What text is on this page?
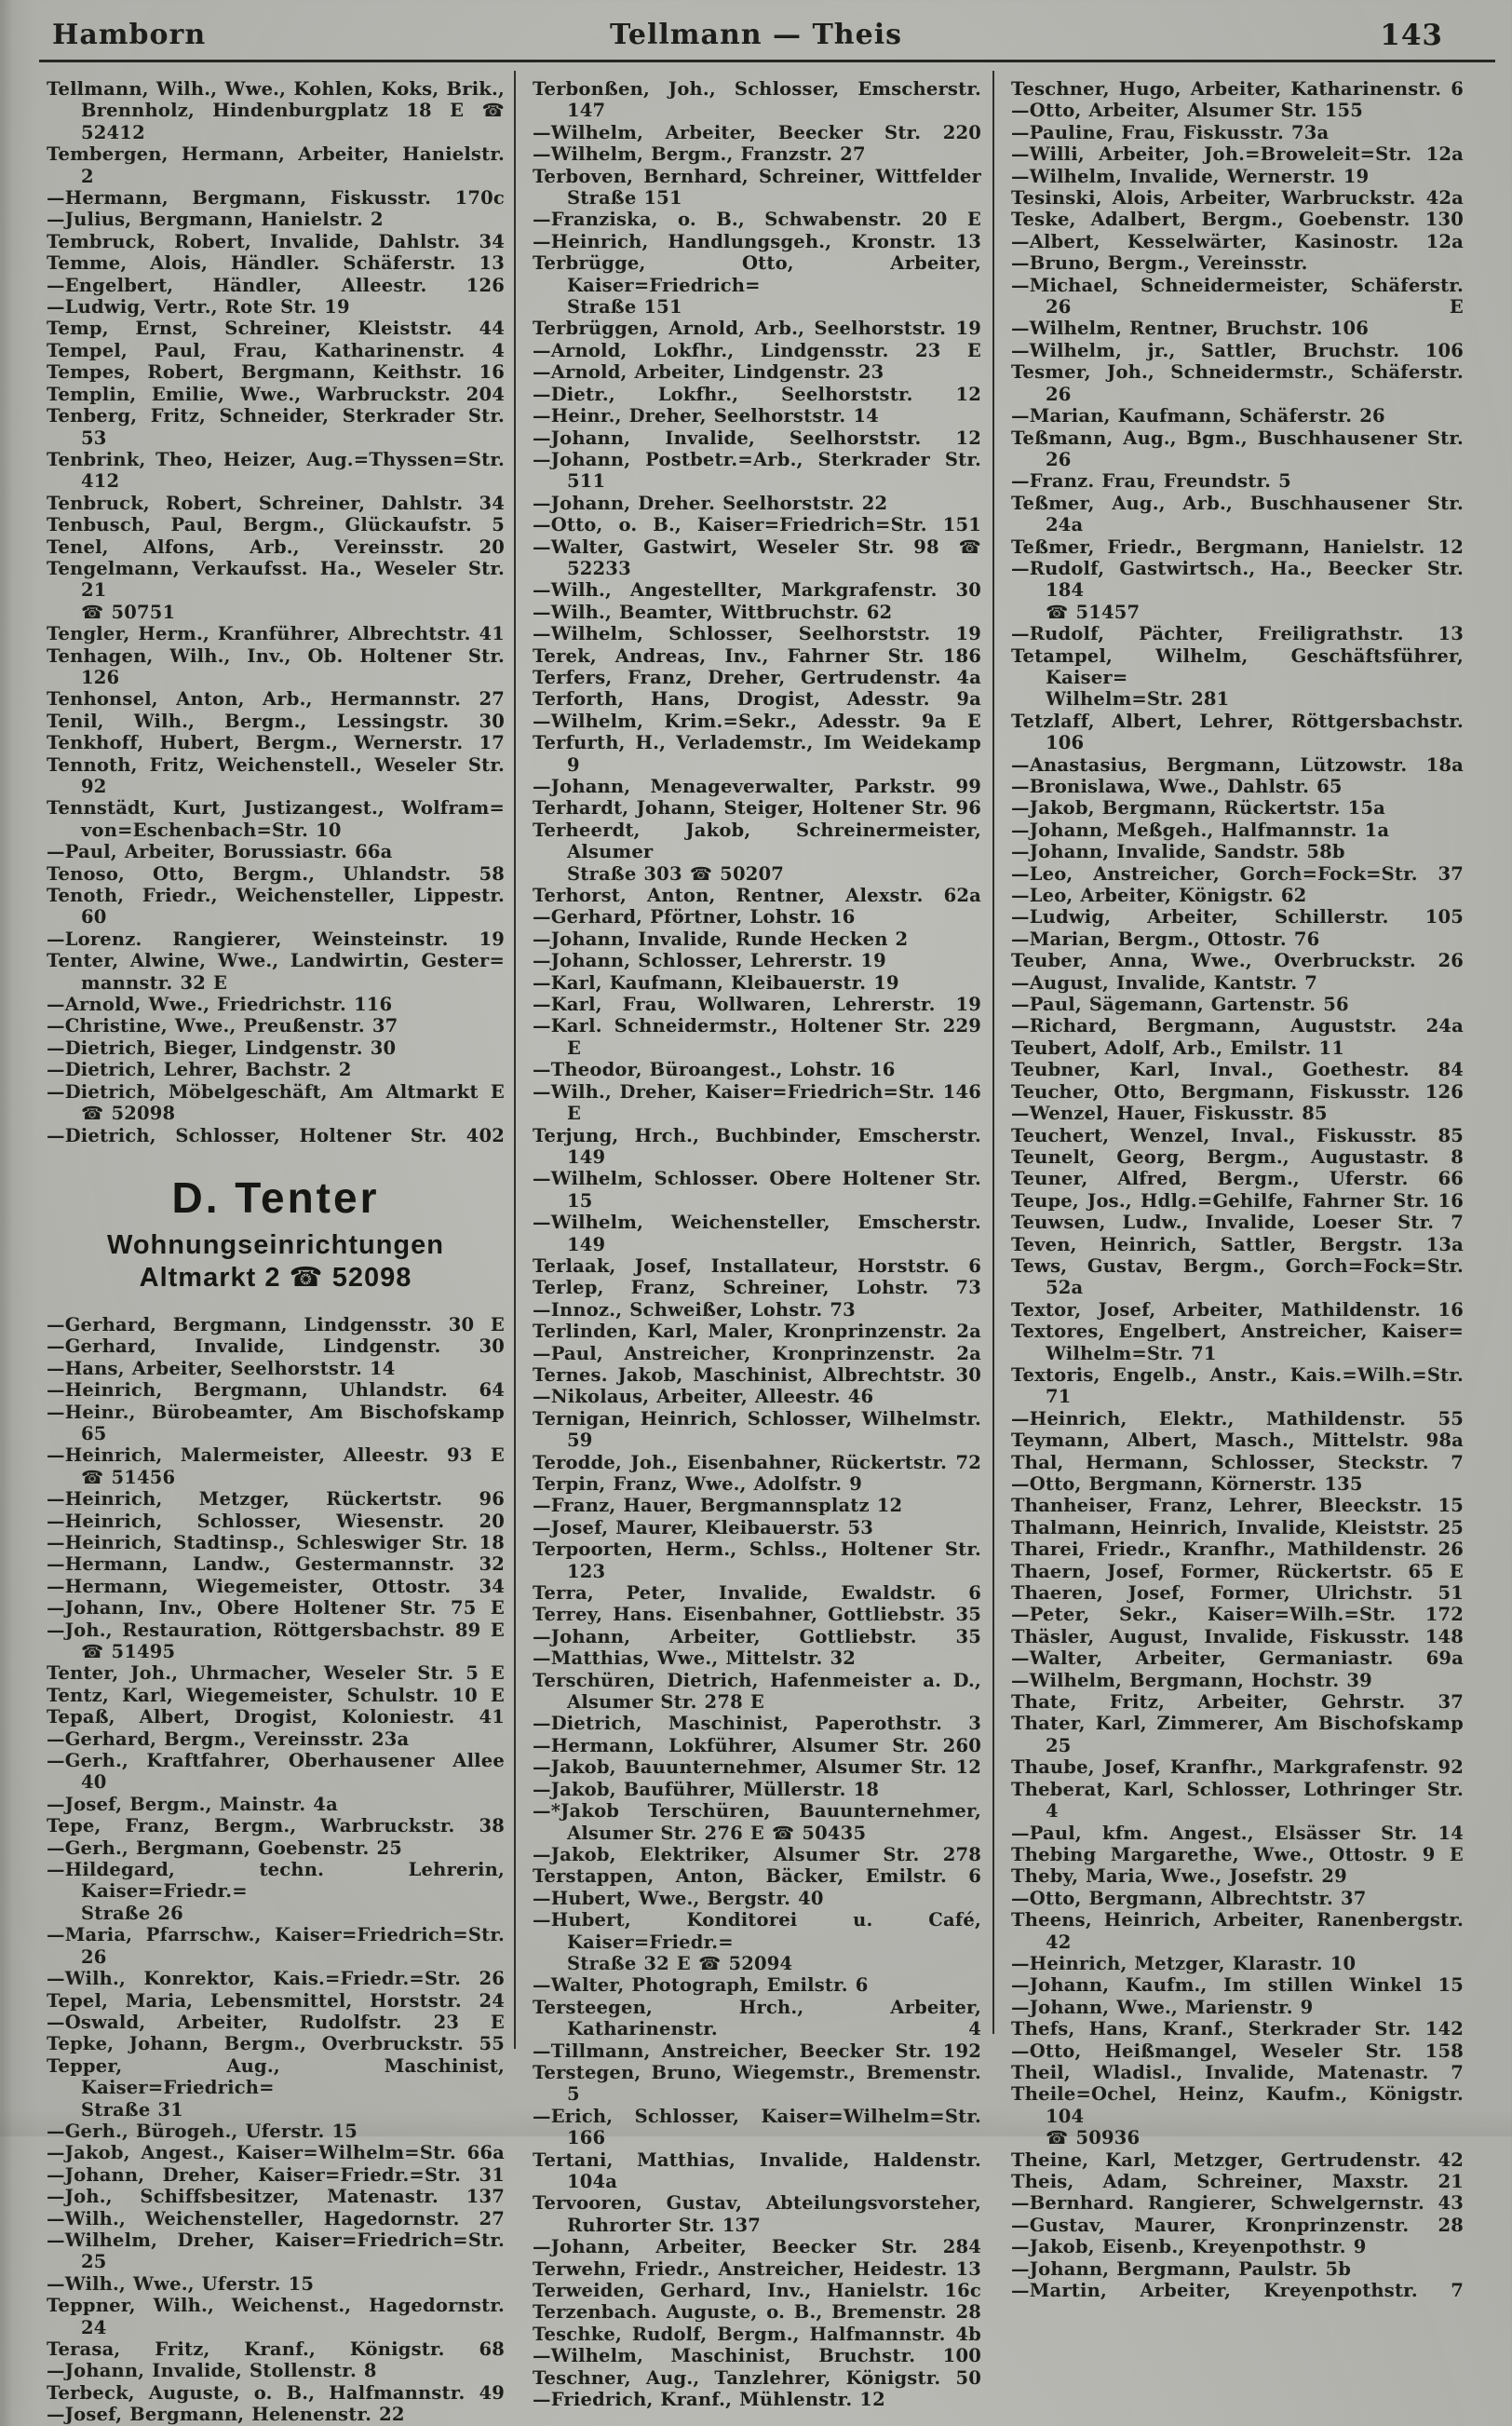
Hamborn	Tellmann — Theis	143
Tellmann, Wilh., Wwe., Kohlen, Koks, Brik.,
Brennholz, Hindenburgplatz 18 E ☎ 52412
Tembergen, Hermann, Arbeiter, Hanielstr. 2
—Hermann, Bergmann, Fiskusstr. 170c
—Julius, Bergmann, Hanielstr. 2
Tembruck, Robert, Invalide, Dahlstr. 34
Temme, Alois, Händler. Schäferstr. 13
—Engelbert, Händler, Alleestr. 126
—Ludwig, Vertr., Rote Str. 19
Temp, Ernst, Schreiner, Kleiststr. 44
Tempel, Paul, Frau, Katharinenstr. 4
Tempes, Robert, Bergmann, Keithstr. 16
Templin, Emilie, Wwe., Warbruckstr. 204
Tenberg, Fritz, Schneider, Sterkrader Str. 53
Tenbrink, Theo, Heizer, Aug.=Thyssen=Str. 412
Tenbruck, Robert, Schreiner, Dahlstr. 34
Tenbusch, Paul, Bergm., Glückaufstr. 5
Tenel, Alfons, Arb., Vereinsstr. 20
Tengelmann, Verkaufsst. Ha., Weseler Str. 21
☎ 50751
Tengler, Herm., Kranführer, Albrechtstr. 41
Tenhagen, Wilh., Inv., Ob. Holtener Str. 126
Tenhonsel, Anton, Arb., Hermannstr. 27
Tenil, Wilh., Bergm., Lessingstr. 30
Tenkhoff, Hubert, Bergm., Wernerstr. 17
Tennoth, Fritz, Weichenstell., Weseler Str. 92
Tennstädt, Kurt, Justizangest., Wolfram=
von=Eschenbach=Str. 10
—Paul, Arbeiter, Borussiastr. 66a
Tenoso, Otto, Bergm., Uhlandstr. 58
Tenoth, Friedr., Weichensteller, Lippestr. 60
—Lorenz. Rangierer, Weinsteinstr. 19
Tenter, Alwine, Wwe., Landwirtin, Gester=
mannstr. 32 E
—Arnold, Wwe., Friedrichstr. 116
—Christine, Wwe., Preußenstr. 37
—Dietrich, Bieger, Lindgenstr. 30
—Dietrich, Lehrer, Bachstr. 2
—Dietrich, Möbelgeschäft, Am Altmarkt E
☎ 52098
—Dietrich, Schlosser, Holtener Str. 402
D. Tenter
Wohnungseinrichtungen
Altmarkt 2 ☎ 52098
—Gerhard, Bergmann, Lindgensstr. 30 E
—Gerhard, Invalide, Lindgenstr. 30
—Hans, Arbeiter, Seelhorststr. 14
—Heinrich, Bergmann, Uhlandstr. 64
—Heinr., Bürobeamter, Am Bischofskamp 65
—Heinrich, Malermeister, Alleestr. 93 E
☎ 51456
—Heinrich, Metzger, Rückertstr. 96
—Heinrich, Schlosser, Wiesenstr. 20
—Heinrich, Stadtinsp., Schleswiger Str. 18
—Hermann, Landw., Gestermannstr. 32
—Hermann, Wiegemeister, Ottostr. 34
—Johann, Inv., Obere Holtener Str. 75 E
—Joh., Restauration, Röttgersbachstr. 89 E
☎ 51495
Tenter, Joh., Uhrmacher, Weseler Str. 5 E
Tentz, Karl, Wiegemeister, Schulstr. 10 E
Tepaß, Albert, Drogist, Koloniestr. 41
—Gerhard, Bergm., Vereinsstr. 23a
—Gerh., Kraftfahrer, Oberhausener Allee 40
—Josef, Bergm., Mainstr. 4a
Tepe, Franz, Bergm., Warbruckstr. 38
—Gerh., Bergmann, Goebenstr. 25
—Hildegard, techn. Lehrerin, Kaiser=Friedr.=
Straße 26
—Maria, Pfarrschw., Kaiser=Friedrich=Str. 26
—Wilh., Konrektor, Kais.=Friedr.=Str. 26
Tepel, Maria, Lebensmittel, Horststr. 24
—Oswald, Arbeiter, Rudolfstr. 23 E
Tepke, Johann, Bergm., Overbruckstr. 55
Tepper, Aug., Maschinist, Kaiser=Friedrich=
Straße 31
—Gerh., Bürogeh., Uferstr. 15
—Jakob, Angest., Kaiser=Wilhelm=Str. 66a
—Johann, Dreher, Kaiser=Friedr.=Str. 31
—Joh., Schiffsbesitzer, Matenastr. 137
—Wilh., Weichensteller, Hagedornstr. 27
—Wilhelm, Dreher, Kaiser=Friedrich=Str. 25
—Wilh., Wwe., Uferstr. 15
Teppner, Wilh., Weichenst., Hagedornstr. 24
Terasa, Fritz, Kranf., Königstr. 68
—Johann, Invalide, Stollenstr. 8
Terbeck, Auguste, o. B., Halfmannstr. 49
—Josef, Bergmann, Helenenstr. 22
Terbonßen, Joh., Schlosser, Emscherstr. 147
—Wilhelm, Arbeiter, Beecker Str. 220
—Wilhelm, Bergm., Franzstr. 27
Terboven, Bernhard, Schreiner, Wittfelder
Straße 151
—Franziska, o. B., Schwabenstr. 20 E
—Heinrich, Handlungsgeh., Kronstr. 13
Terbrügge, Otto, Arbeiter, Kaiser=Friedrich=
Straße 151
Terbrüggen, Arnold, Arb., Seelhorststr. 19
—Arnold, Lokfhr., Lindgensstr. 23 E
—Arnold, Arbeiter, Lindgenstr. 23
—Dietr., Lokfhr., Seelhorststr. 12
—Heinr., Dreher, Seelhorststr. 14
—Johann, Invalide, Seelhorststr. 12
—Johann, Postbetr.=Arb., Sterkrader Str. 511
—Johann, Dreher. Seelhorststr. 22
—Otto, o. B., Kaiser=Friedrich=Str. 151
—Walter, Gastwirt, Weseler Str. 98 ☎ 52233
—Wilh., Angestellter, Markgrafenstr. 30
—Wilh., Beamter, Wittbruchstr. 62
—Wilhelm, Schlosser, Seelhorststr. 19
Terek, Andreas, Inv., Fahrner Str. 186
Terfers, Franz, Dreher, Gertrudenstr. 4a
Terforth, Hans, Drogist, Adesstr. 9a
—Wilhelm, Krim.=Sekr., Adesstr. 9a E
Terfurth, H., Verlademstr., Im Weidekamp 9
—Johann, Menageverwalter, Parkstr. 99
Terhardt, Johann, Steiger, Holtener Str. 96
Terheerdt, Jakob, Schreinermeister, Alsumer
Straße 303 ☎ 50207
Terhorst, Anton, Rentner, Alexstr. 62a
—Gerhard, Pförtner, Lohstr. 16
—Johann, Invalide, Runde Hecken 2
—Johann, Schlosser, Lehrerstr. 19
—Karl, Kaufmann, Kleibauerstr. 19
—Karl, Frau, Wollwaren, Lehrerstr. 19
—Karl. Schneidermstr., Holtener Str. 229 E
—Theodor, Büroangest., Lohstr. 16
—Wilh., Dreher, Kaiser=Friedrich=Str. 146 E
Terjung, Hrch., Buchbinder, Emscherstr. 149
—Wilhelm, Schlosser. Obere Holtener Str. 15
—Wilhelm, Weichensteller, Emscherstr. 149
Terlaak, Josef, Installateur, Horststr. 6
Terlep, Franz, Schreiner, Lohstr. 73
—Innoz., Schweißer, Lohstr. 73
Terlinden, Karl, Maler, Kronprinzenstr. 2a
—Paul, Anstreicher, Kronprinzenstr. 2a
Ternes. Jakob, Maschinist, Albrechtstr. 30
—Nikolaus, Arbeiter, Alleestr. 46
Ternigan, Heinrich, Schlosser, Wilhelmstr. 59
Terodde, Joh., Eisenbahner, Rückertstr. 72
Terpin, Franz, Wwe., Adolfstr. 9
—Franz, Hauer, Bergmannsplatz 12
—Josef, Maurer, Kleibauerstr. 53
Terpoorten, Herm., Schlss., Holtener Str. 123
Terra, Peter, Invalide, Ewaldstr. 6
Terrey, Hans. Eisenbahner, Gottliebstr. 35
—Johann, Arbeiter, Gottliebstr. 35
—Matthias, Wwe., Mittelstr. 32
Terschüren, Dietrich, Hafenmeister a. D.,
Alsumer Str. 278 E
—Dietrich, Maschinist, Paperothstr. 3
—Hermann, Lokführer, Alsumer Str. 260
—Jakob, Bauunternehmer, Alsumer Str. 12
—Jakob, Bauführer, Müllerstr. 18
—*Jakob Terschüren, Bauunternehmer,
Alsumer Str. 276 E ☎ 50435
—Jakob, Elektriker, Alsumer Str. 278
Terstappen, Anton, Bäcker, Emilstr. 6
—Hubert, Wwe., Bergstr. 40
—Hubert, Konditorei u. Café, Kaiser=Friedr.=
Straße 32 E ☎ 52094
—Walter, Photograph, Emilstr. 6
Tersteegen, Hrch., Arbeiter, Katharinenstr. 4
—Tillmann, Anstreicher, Beecker Str. 192
Terstegen, Bruno, Wiegemstr., Bremenstr. 5
—Erich, Schlosser, Kaiser=Wilhelm=Str. 166
Tertani, Matthias, Invalide, Haldenstr. 104a
Tervooren, Gustav, Abteilungsvorsteher,
Ruhrorter Str. 137
—Johann, Arbeiter, Beecker Str. 284
Terwehn, Friedr., Anstreicher, Heidestr. 13
Terweiden, Gerhard, Inv., Hanielstr. 16c
Terzenbach. Auguste, o. B., Bremenstr. 28
Teschke, Rudolf, Bergm., Halfmannstr. 4b
—Wilhelm, Maschinist, Bruchstr. 100
Teschner, Aug., Tanzlehrer, Königstr. 50
—Friedrich, Kranf., Mühlenstr. 12
Teschner, Hugo, Arbeiter, Katharinenstr. 6
—Otto, Arbeiter, Alsumer Str. 155
—Pauline, Frau, Fiskusstr. 73a
—Willi, Arbeiter, Joh.=Broweleit=Str. 12a
—Wilhelm, Invalide, Wernerstr. 19
Tesinski, Alois, Arbeiter, Warbruckstr. 42a
Teske, Adalbert, Bergm., Goebenstr. 130
—Albert, Kesselwärter, Kasinostr. 12a
—Bruno, Bergm., Vereinsstr.
—Michael, Schneidermeister, Schäferstr. 26 E
—Wilhelm, Rentner, Bruchstr. 106
—Wilhelm, jr., Sattler, Bruchstr. 106
Tesmer, Joh., Schneidermstr., Schäferstr. 26
—Marian, Kaufmann, Schäferstr. 26
Teßmann, Aug., Bgm., Buschhausener Str. 26
—Franz. Frau, Freundstr. 5
Teßmer, Aug., Arb., Buschhausener Str. 24a
Teßmer, Friedr., Bergmann, Hanielstr. 12
—Rudolf, Gastwirtsch., Ha., Beecker Str. 184
☎ 51457
—Rudolf, Pächter, Freiligrathstr. 13
Tetampel, Wilhelm, Geschäftsführer, Kaiser=
Wilhelm=Str. 281
Tetzlaff, Albert, Lehrer, Röttgersbachstr. 106
—Anastasius, Bergmann, Lützowstr. 18a
—Bronislawa, Wwe., Dahlstr. 65
—Jakob, Bergmann, Rückertstr. 15a
—Johann, Meßgeh., Halfmannstr. 1a
—Johann, Invalide, Sandstr. 58b
—Leo, Anstreicher, Gorch=Fock=Str. 37
—Leo, Arbeiter, Königstr. 62
—Ludwig, Arbeiter, Schillerstr. 105
—Marian, Bergm., Ottostr. 76
Teuber, Anna, Wwe., Overbruckstr. 26
—August, Invalide, Kantstr. 7
—Paul, Sägemann, Gartenstr. 56
—Richard, Bergmann, Auguststr. 24a
Teubert, Adolf, Arb., Emilstr. 11
Teubner, Karl, Inval., Goethestr. 84
Teucher, Otto, Bergmann, Fiskusstr. 126
—Wenzel, Hauer, Fiskusstr. 85
Teuchert, Wenzel, Inval., Fiskusstr. 85
Teunelt, Georg, Bergm., Augustastr. 8
Teuner, Alfred, Bergm., Uferstr. 66
Teupe, Jos., Hdlg.=Gehilfe, Fahrner Str. 16
Teuwsen, Ludw., Invalide, Loeser Str. 7
Teven, Heinrich, Sattler, Bergstr. 13a
Tews, Gustav, Bergm., Gorch=Fock=Str. 52a
Textor, Josef, Arbeiter, Mathildenstr. 16
Textores, Engelbert, Anstreicher, Kaiser=
Wilhelm=Str. 71
Textoris, Engelb., Anstr., Kais.=Wilh.=Str. 71
—Heinrich, Elektr., Mathildenstr. 55
Teymann, Albert, Masch., Mittelstr. 98a
Thal, Hermann, Schlosser, Steckstr. 7
—Otto, Bergmann, Körnerstr. 135
Thanheiser, Franz, Lehrer, Bleeckstr. 15
Thalmann, Heinrich, Invalide, Kleiststr. 25
Tharei, Friedr., Kranfhr., Mathildenstr. 26
Thaern, Josef, Former, Rückertstr. 65 E
Thaeren, Josef, Former, Ulrichstr. 51
—Peter, Sekr., Kaiser=Wilh.=Str. 172
Thäsler, August, Invalide, Fiskusstr. 148
—Walter, Arbeiter, Germaniastr. 69a
—Wilhelm, Bergmann, Hochstr. 39
Thate, Fritz, Arbeiter, Gehrstr. 37
Thater, Karl, Zimmerer, Am Bischofskamp 25
Thaube, Josef, Kranfhr., Markgrafenstr. 92
Theberat, Karl, Schlosser, Lothringer Str. 4
—Paul, kfm. Angest., Elsässer Str. 14
Thebing Margarethe, Wwe., Ottostr. 9 E
Theby, Maria, Wwe., Josefstr. 29
—Otto, Bergmann, Albrechtstr. 37
Theens, Heinrich, Arbeiter, Ranenbergstr. 42
—Heinrich, Metzger, Klarastr. 10
—Johann, Kaufm., Im stillen Winkel 15
—Johann, Wwe., Marienstr. 9
Thefs, Hans, Kranf., Sterkrader Str. 142
—Otto, Heißmangel, Weseler Str. 158
Theil, Wladisl., Invalide, Matenastr. 7
Theile=Ochel, Heinz, Kaufm., Königstr. 104
☎ 50936
Theine, Karl, Metzger, Gertrudenstr. 42
Theis, Adam, Schreiner, Maxstr. 21
—Bernhard. Rangierer, Schwelgernstr. 43
—Gustav, Maurer, Kronprinzenstr. 28
—Jakob, Eisenb., Kreyenpothstr. 9
—Johann, Bergmann, Paulstr. 5b
—Martin, Arbeiter, Kreyenpothstr. 7
